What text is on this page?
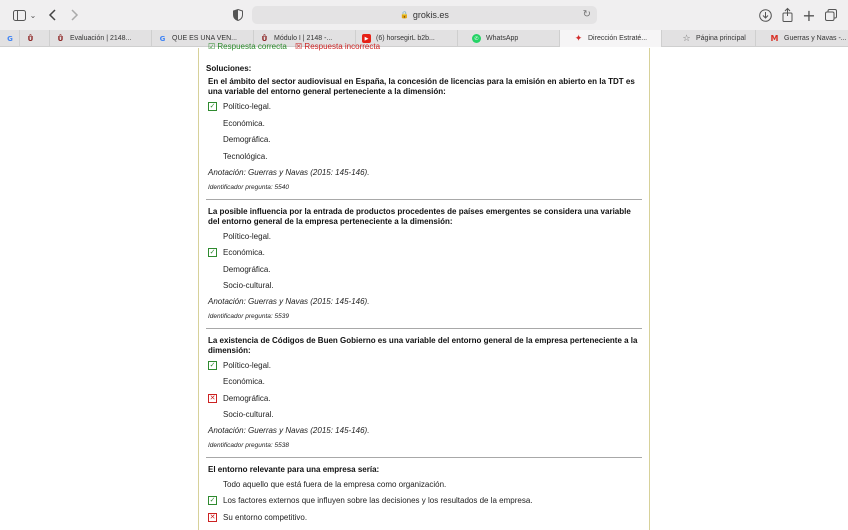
⌄	🔒 grokis.es	↻	+
G Ů	Ů Evaluación | 2148...	G QUE ES UNA VEN...	Ů Módulo I | 2148 -...	▶	(6) horsegirL b2b...	✆	WhatsApp	✦ Dirección Estraté...	☆ Página principal	M Guerras y Navas -...
☑ Respuesta correcta ☒ Respuesta incorrecta
Soluciones:
En el ámbito del sector audiovisual en España, la concesión de licencias para la emisión en abierto en la TDT es una variable del entorno general perteneciente a la dimensión:
✓ Político-legal.
Económica.
Demográfica.
Tecnológica.
Anotación: Guerras y Navas (2015: 145-146).
Identificador pregunta: 5540
La posible influencia por la entrada de productos procedentes de países emergentes se considera una variable del entorno general de la empresa perteneciente a la dimensión:
Político-legal.
✓ Económica.
Demográfica.
Socio-cultural.
Anotación: Guerras y Navas (2015: 145-146).
Identificador pregunta: 5539
La existencia de Códigos de Buen Gobierno es una variable del entorno general de la empresa perteneciente a la dimensión:
✓ Político-legal.
Económica.
✕ Demográfica.
Socio-cultural.
Anotación: Guerras y Navas (2015: 145-146).
Identificador pregunta: 5538
El entorno relevante para una empresa sería:
Todo aquello que está fuera de la empresa como organización.
✓ Los factores externos que influyen sobre las decisiones y los resultados de la empresa.
✕ Su entorno competitivo.
